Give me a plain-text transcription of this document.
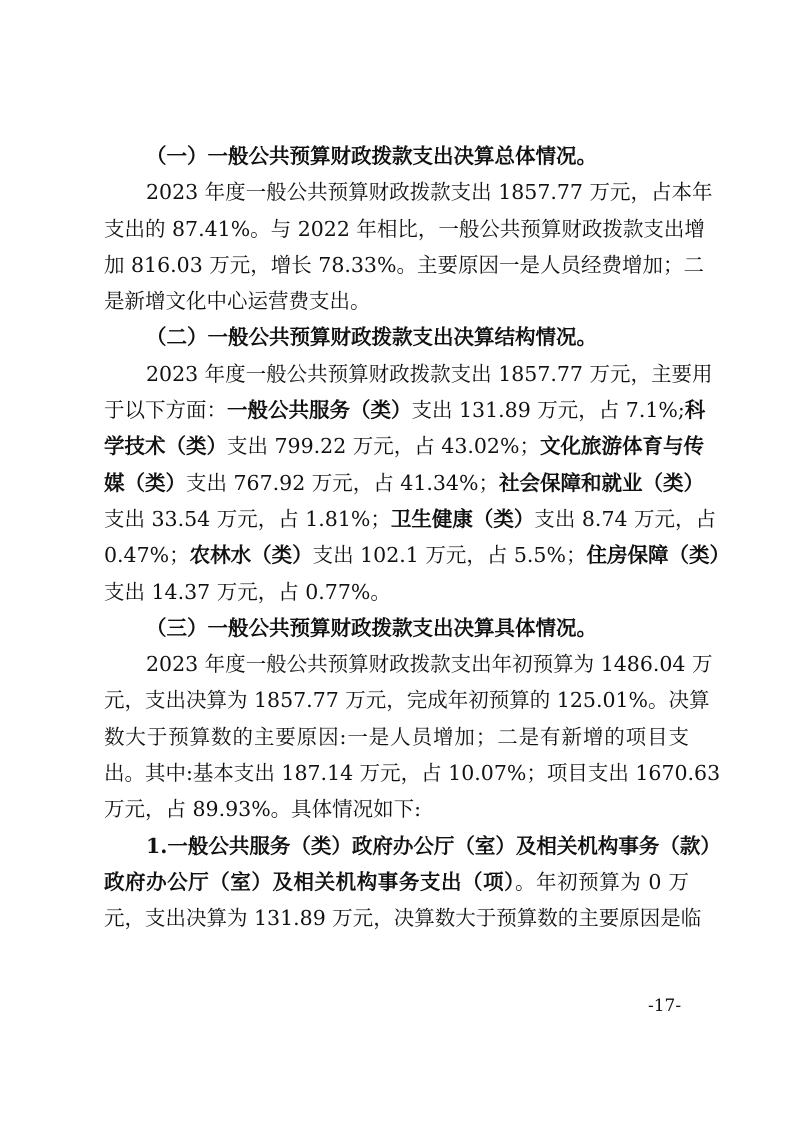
（一）一般公共预算财政拨款支出决算总体情况。
2023 年度一般公共预算财政拨款支出 1857.77 万元，占本年
支出的 87.41%。与 2022 年相比，一般公共预算财政拨款支出增
加 816.03 万元，增长 78.33%。主要原因一是人员经费增加；二
是新增文化中心运营费支出。
（二）一般公共预算财政拨款支出决算结构情况。
2023 年度一般公共预算财政拨款支出 1857.77 万元，主要用
于以下方面：一般公共服务（类）支出 131.89 万元，占 7.1%;科
学技术（类）支出 799.22 万元，占 43.02%；文化旅游体育与传
媒（类）支出 767.92 万元，占 41.34%；社会保障和就业（类）
支出 33.54 万元，占 1.81%；卫生健康（类）支出 8.74 万元，占
0.47%；农林水（类）支出 102.1 万元，占 5.5%；住房保障（类）
支出 14.37 万元，占 0.77%。
（三）一般公共预算财政拨款支出决算具体情况。
2023 年度一般公共预算财政拨款支出年初预算为 1486.04 万
元，支出决算为 1857.77 万元，完成年初预算的 125.01%。决算
数大于预算数的主要原因:一是人员增加；二是有新增的项目支
出。其中:基本支出 187.14 万元，占 10.07%；项目支出 1670.63
万元，占 89.93%。具体情况如下:
1.一般公共服务（类）政府办公厅（室）及相关机构事务（款）
政府办公厅（室）及相关机构事务支出（项）。年初预算为 0 万
元，支出决算为 131.89 万元，决算数大于预算数的主要原因是临
-17-
